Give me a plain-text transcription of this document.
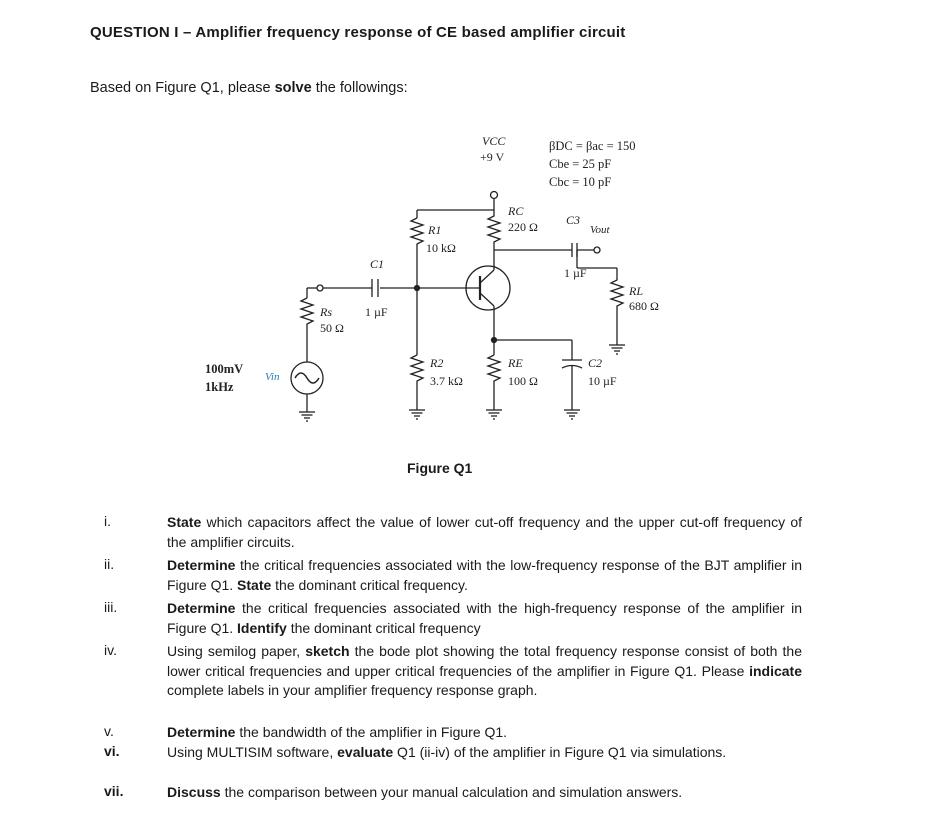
QUESTION I – Amplifier frequency response of CE based amplifier circuit
Based on Figure Q1, please solve the followings:
VCC
+9 V
βDC = βac = 150
Cbe = 25 pF
Cbc = 10 pF
RC
220 Ω C3
Vout
1 µF
R1
10 kΩ
C1
1 µF
Rs
50 Ω
RL
680 Ω
R2
3.7 kΩ
RE
100 Ω
C2
10 µF
Vin
100mV
1kHz
Figure Q1
i.	State which capacitors affect the value of lower cut-off frequency and the upper cut-off frequency of the amplifier circuits.
ii.	Determine the critical frequencies associated with the low-frequency response of the BJT amplifier in Figure Q1. State the dominant critical frequency.
iii.	Determine the critical frequencies associated with the high-frequency response of the amplifier in Figure Q1. Identify the dominant critical frequency
iv.	Using semilog paper, sketch the bode plot showing the total frequency response consist of both the lower critical frequencies and upper critical frequencies of the amplifier in Figure Q1. Please indicate complete labels in your amplifier frequency response graph.
v.	Determine the bandwidth of the amplifier in Figure Q1.
vi.	Using MULTISIM software, evaluate Q1 (ii-iv) of the amplifier in Figure Q1 via simulations.
vii.	Discuss the comparison between your manual calculation and simulation answers.
